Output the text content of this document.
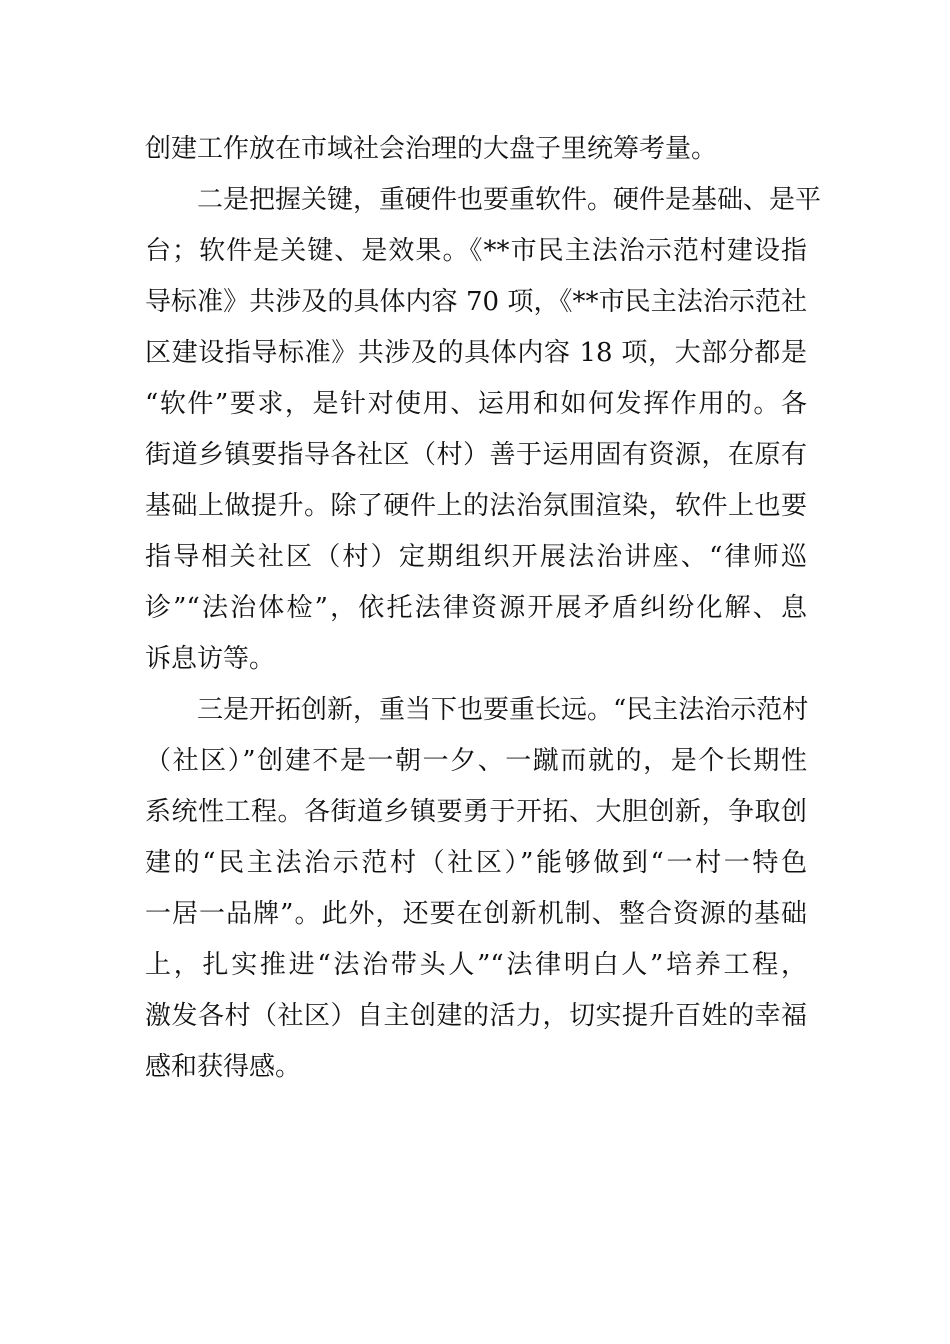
创建工作放在市域社会治理的大盘子里统筹考量。
二是把握关键，重硬件也要重软件。硬件是基础、是平
台；软件是关键、是效果。《**市民主法治示范村建设指
导标准》共涉及的具体内容 70 项，《**市民主法治示范社
区建设指导标准》共涉及的具体内容 18 项，大部分都是
“软件”要求，是针对使用、运用和如何发挥作用的。各
街道乡镇要指导各社区（村）善于运用固有资源，在原有
基础上做提升。除了硬件上的法治氛围渲染，软件上也要
指导相关社区（村）定期组织开展法治讲座、“律师巡
诊”“法治体检”，依托法律资源开展矛盾纠纷化解、息
诉息访等。
三是开拓创新，重当下也要重长远。“民主法治示范村
（社区）”创建不是一朝一夕、一蹴而就的，是个长期性
系统性工程。各街道乡镇要勇于开拓、大胆创新，争取创
建的“民主法治示范村（社区）”能够做到“一村一特色
一居一品牌”。此外，还要在创新机制、整合资源的基础
上，扎实推进“法治带头人”“法律明白人”培养工程，
激发各村（社区）自主创建的活力，切实提升百姓的幸福
感和获得感。
